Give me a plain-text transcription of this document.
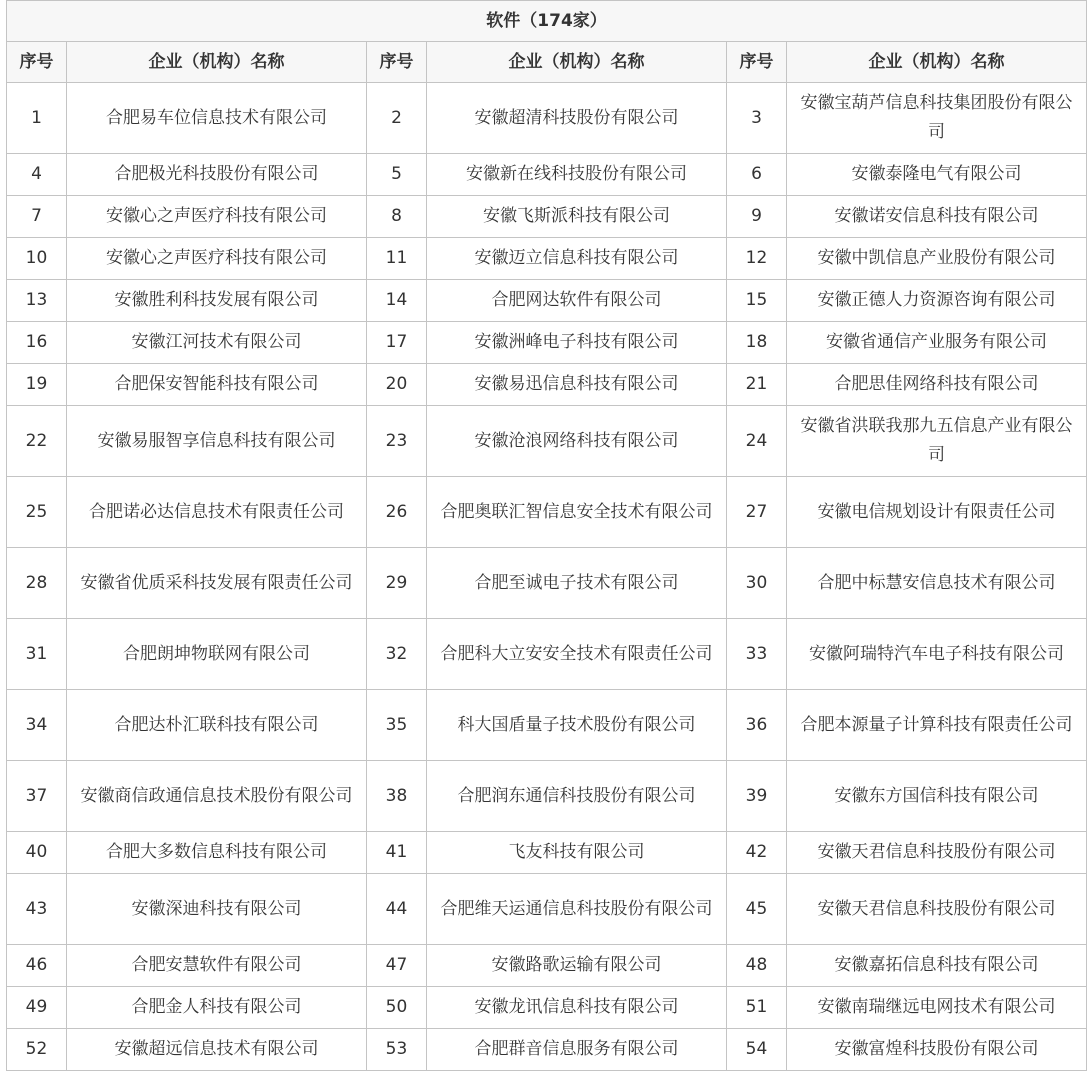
软件（174家）					
序号	企业（机构）名称	序号	企业（机构）名称	序号	企业（机构）名称
1	合肥易车位信息技术有限公司	2	安徽超清科技股份有限公司	3	安徽宝葫芦信息科技集团股份有限公司
4	合肥极光科技股份有限公司	5	安徽新在线科技股份有限公司	6	安徽泰隆电气有限公司
7	安徽心之声医疗科技有限公司	8	安徽飞斯派科技有限公司	9	安徽诺安信息科技有限公司
10	安徽心之声医疗科技有限公司	11	安徽迈立信息科技有限公司	12	安徽中凯信息产业股份有限公司
13	安徽胜利科技发展有限公司	14	合肥网达软件有限公司	15	安徽正德人力资源咨询有限公司
16	安徽江河技术有限公司	17	安徽洲峰电子科技有限公司	18	安徽省通信产业服务有限公司
19	合肥保安智能科技有限公司	20	安徽易迅信息科技有限公司	21	合肥思佳网络科技有限公司
22	安徽易服智享信息科技有限公司	23	安徽沧浪网络科技有限公司	24	安徽省洪联我那九五信息产业有限公司
25	合肥诺必达信息技术有限责任公司	26	合肥奥联汇智信息安全技术有限公司	27	安徽电信规划设计有限责任公司
28	安徽省优质采科技发展有限责任公司	29	合肥至诚电子技术有限公司	30	合肥中标慧安信息技术有限公司
31	合肥朗坤物联网有限公司	32	合肥科大立安安全技术有限责任公司	33	安徽阿瑞特汽车电子科技有限公司
34	合肥达朴汇联科技有限公司	35	科大国盾量子技术股份有限公司	36	合肥本源量子计算科技有限责任公司
37	安徽商信政通信息技术股份有限公司	38	合肥润东通信科技股份有限公司	39	安徽东方国信科技有限公司
40	合肥大多数信息科技有限公司	41	飞友科技有限公司	42	安徽天君信息科技股份有限公司
43	安徽深迪科技有限公司	44	合肥维天运通信息科技股份有限公司	45	安徽天君信息科技股份有限公司
46	合肥安慧软件有限公司	47	安徽路歌运输有限公司	48	安徽嘉拓信息科技有限公司
49	合肥金人科技有限公司	50	安徽龙讯信息科技有限公司	51	安徽南瑞继远电网技术有限公司
52	安徽超远信息技术有限公司	53	合肥群音信息服务有限公司	54	安徽富煌科技股份有限公司
